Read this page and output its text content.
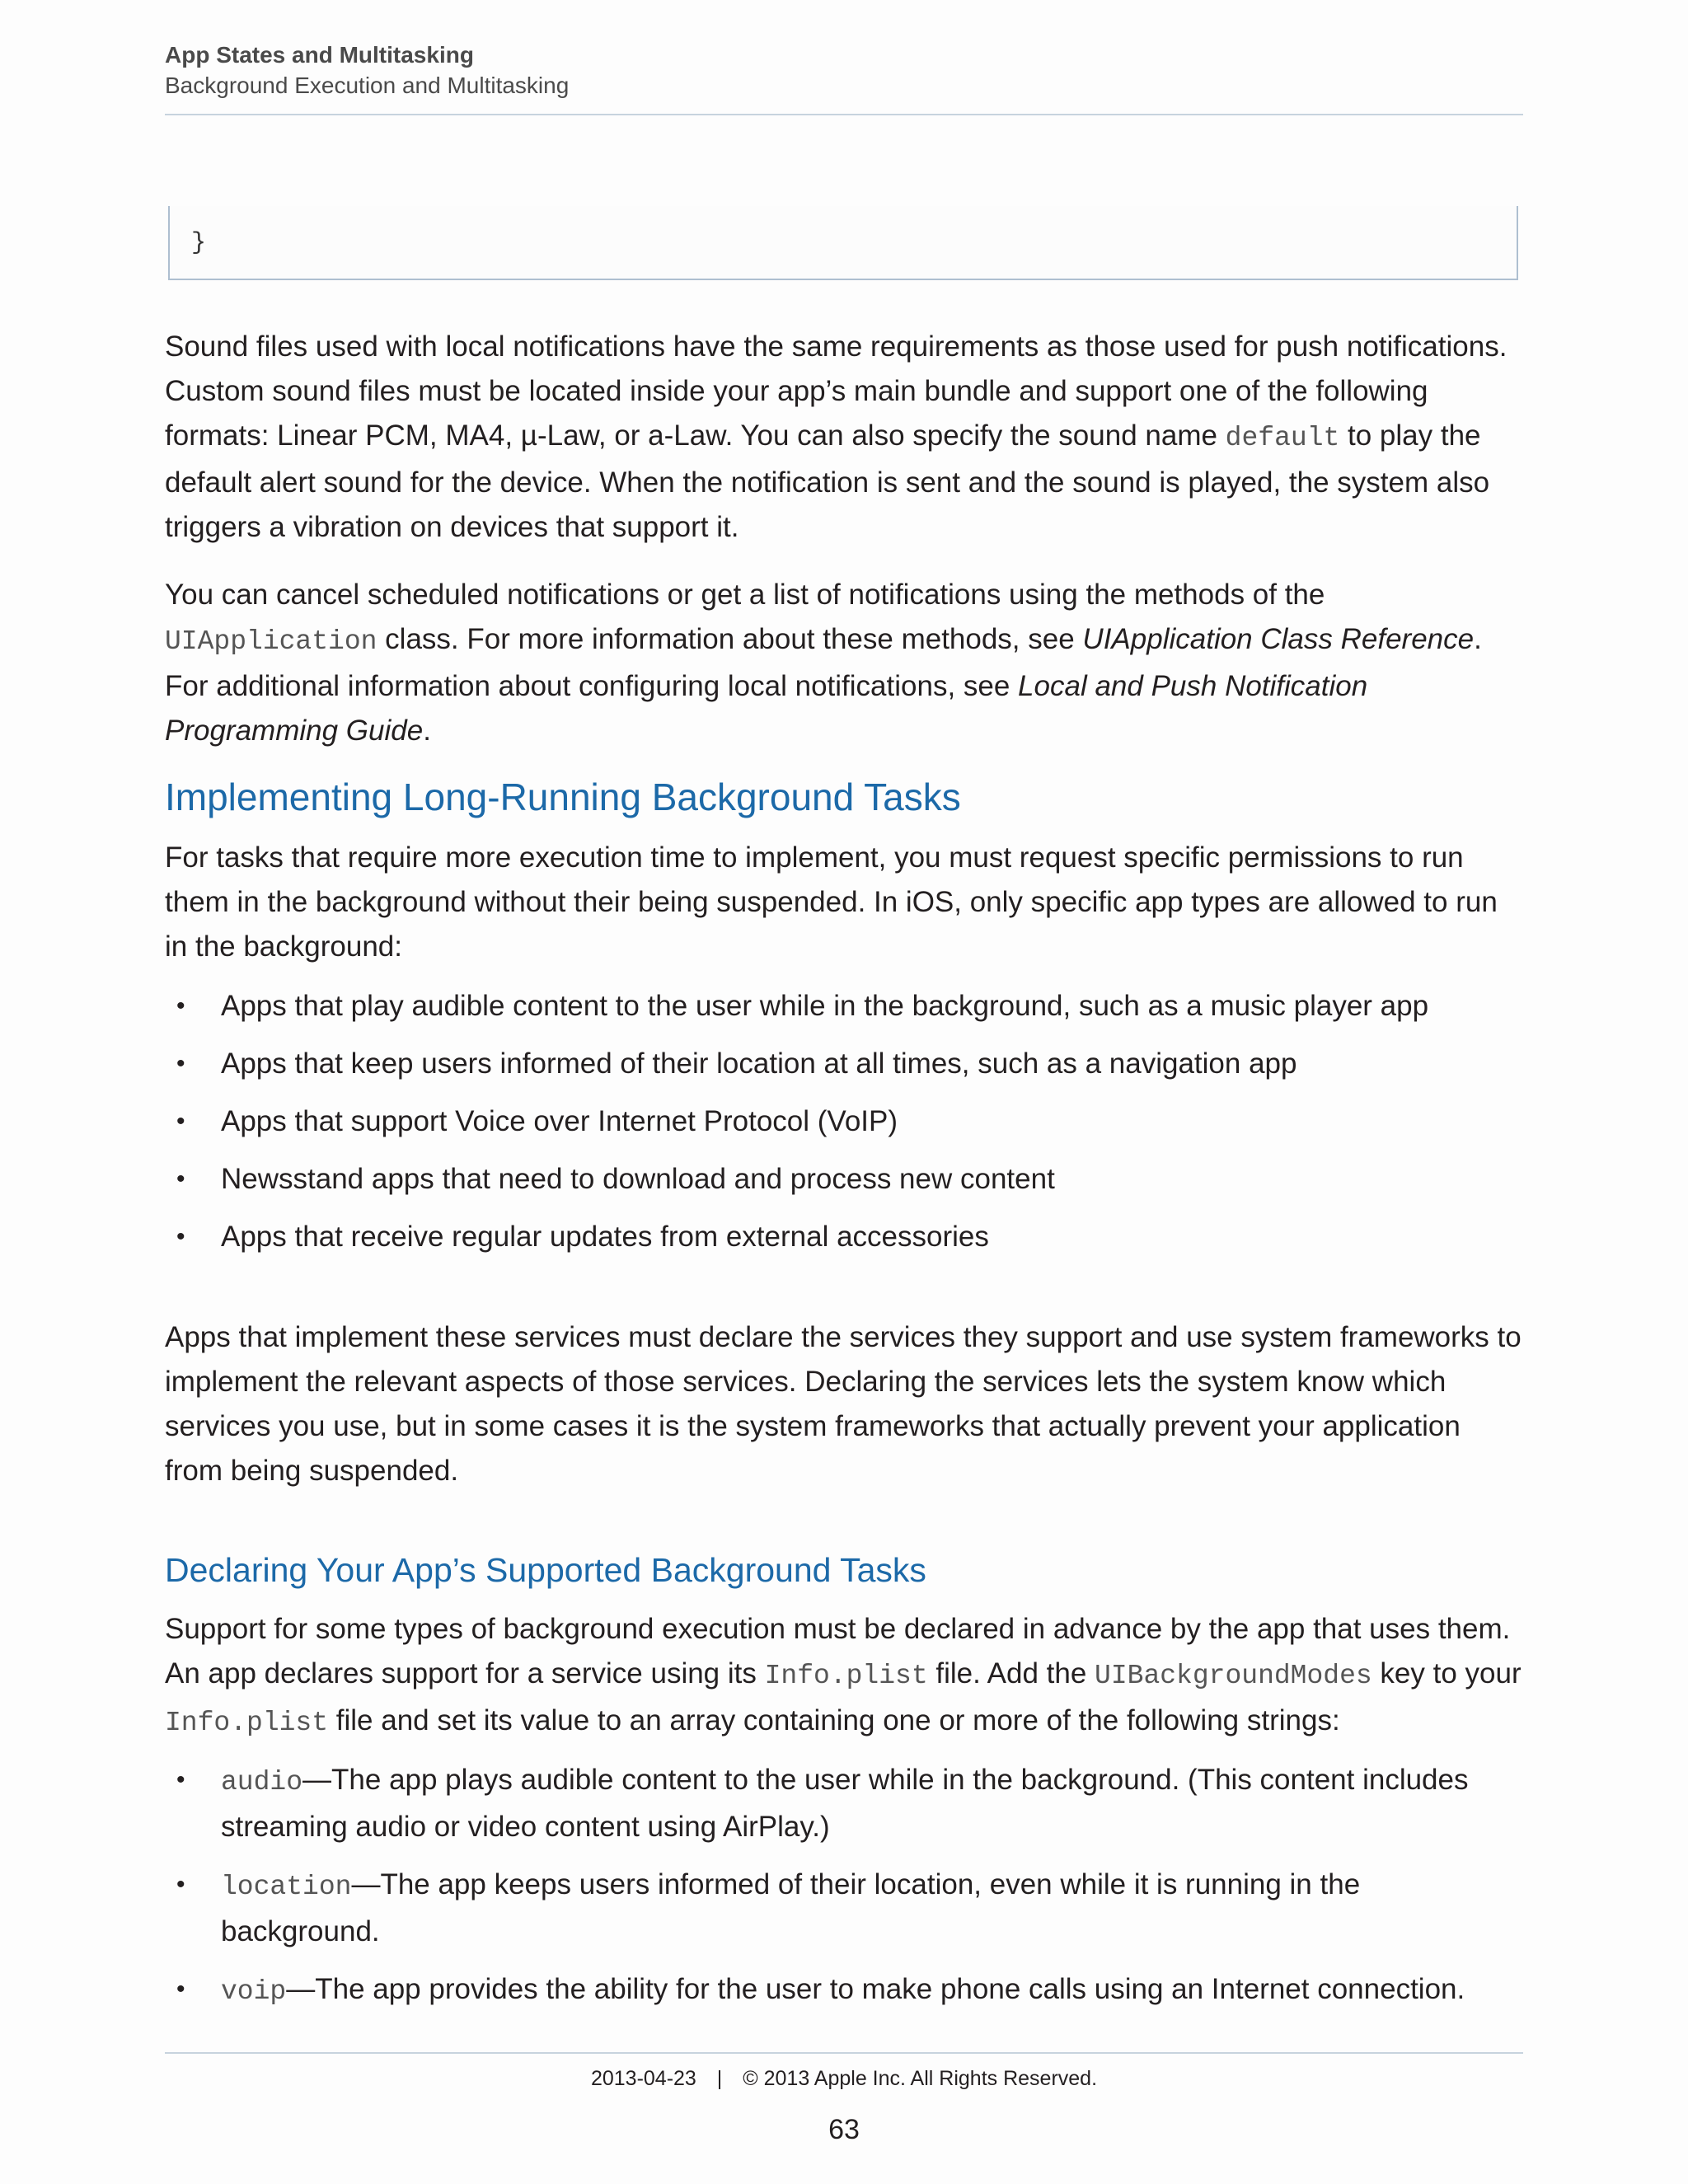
App States and Multitasking
Background Execution and Multitasking
}

Sound files used with local notifications have the same requirements as those used for push notifications. Custom sound files must be located inside your app’s main bundle and support one of the following formats: Linear PCM, MA4, µ-Law, or a-Law. You can also specify the sound name default to play the default alert sound for the device. When the notification is sent and the sound is played, the system also triggers a vibration on devices that support it.

You can cancel scheduled notifications or get a list of notifications using the methods of the UIApplication class. For more information about these methods, see UIApplication Class Reference. For additional information about configuring local notifications, see Local and Push Notification Programming Guide.

Implementing Long-Running Background Tasks

For tasks that require more execution time to implement, you must request specific permissions to run them in the background without their being suspended. In iOS, only specific app types are allowed to run in the background:

• Apps that play audible content to the user while in the background, such as a music player app
• Apps that keep users informed of their location at all times, such as a navigation app
• Apps that support Voice over Internet Protocol (VoIP)
• Newsstand apps that need to download and process new content
• Apps that receive regular updates from external accessories

Apps that implement these services must declare the services they support and use system frameworks to implement the relevant aspects of those services. Declaring the services lets the system know which services you use, but in some cases it is the system frameworks that actually prevent your application from being suspended.

Declaring Your App’s Supported Background Tasks

Support for some types of background execution must be declared in advance by the app that uses them. An app declares support for a service using its Info.plist file. Add the UIBackgroundModes key to your Info.plist file and set its value to an array containing one or more of the following strings:

• audio—The app plays audible content to the user while in the background. (This content includes streaming audio or video content using AirPlay.)
• location—The app keeps users informed of their location, even while it is running in the background.
• voip—The app provides the ability for the user to make phone calls using an Internet connection.
2013-04-23 | © 2013 Apple Inc. All Rights Reserved.
63
